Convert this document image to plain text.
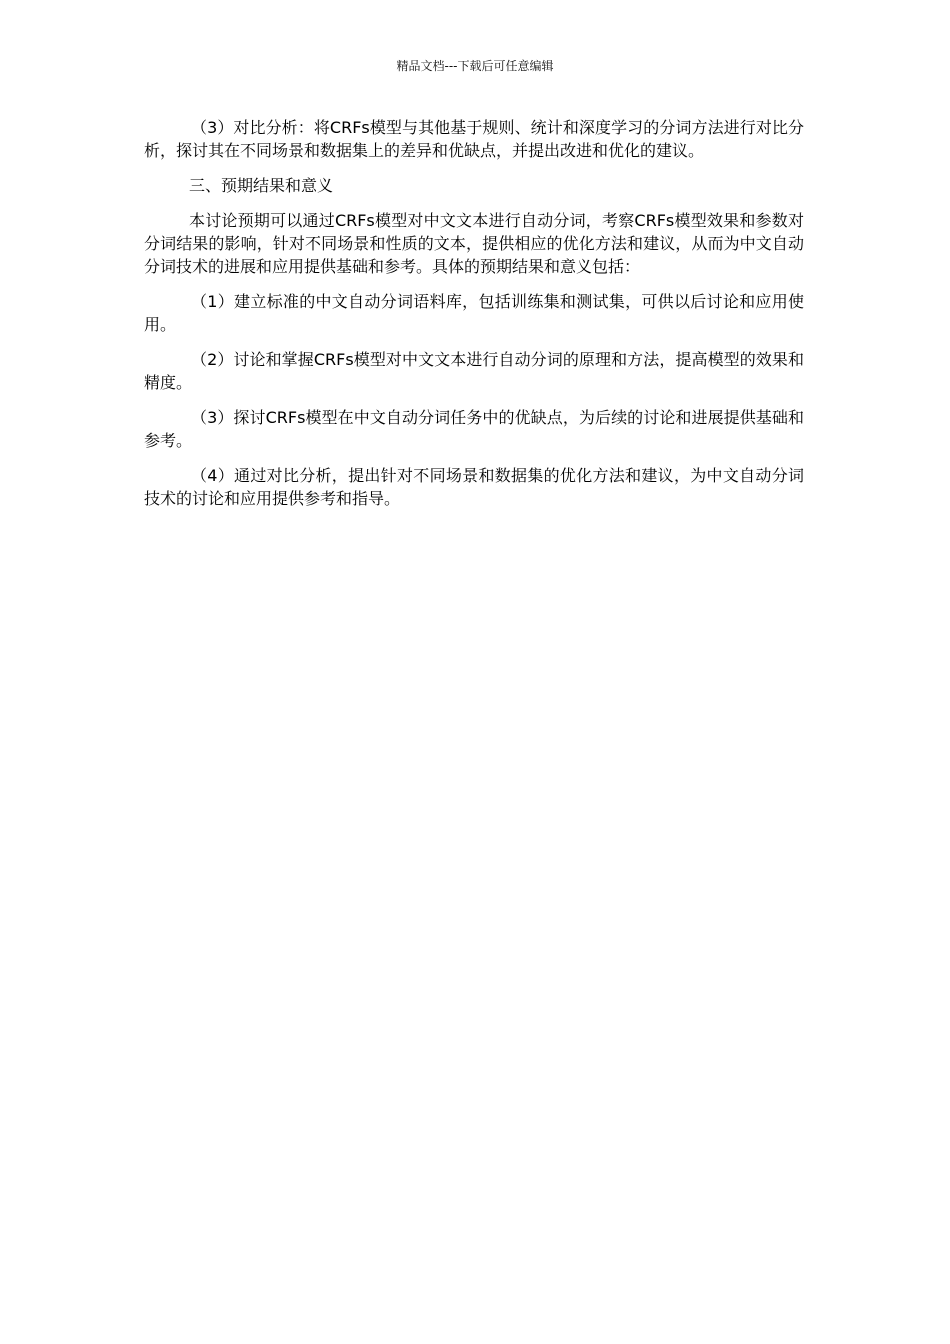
精品文档---下载后可任意编辑

（3）对比分析：将CRFs模型与其他基于规则、统计和深度学习的分词方法进行对比分析，探讨其在不同场景和数据集上的差异和优缺点，并提出改进和优化的建议。

三、预期结果和意义

本讨论预期可以通过CRFs模型对中文文本进行自动分词，考察CRFs模型效果和参数对分词结果的影响，针对不同场景和性质的文本，提供相应的优化方法和建议，从而为中文自动分词技术的进展和应用提供基础和参考。具体的预期结果和意义包括：

（1）建立标准的中文自动分词语料库，包括训练集和测试集，可供以后讨论和应用使用。

（2）讨论和掌握CRFs模型对中文文本进行自动分词的原理和方法，提高模型的效果和精度。

（3）探讨CRFs模型在中文自动分词任务中的优缺点，为后续的讨论和进展提供基础和参考。

（4）通过对比分析，提出针对不同场景和数据集的优化方法和建议，为中文自动分词技术的讨论和应用提供参考和指导。
